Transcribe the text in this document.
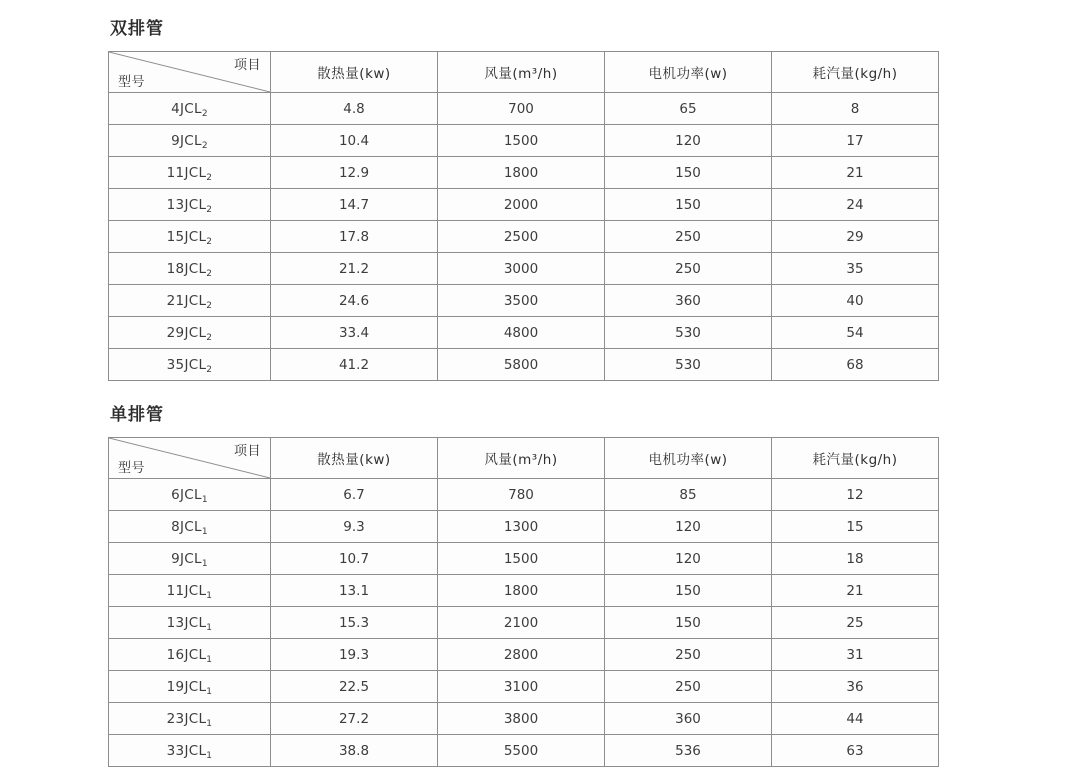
双排管
项目
型号	散热量(kw)	风量(m³/h)	电机功率(w)	耗汽量(kg/h)
$4JCL_2$	4.8	700	65	8
$9JCL_2$	10.4	1500	120	17
$11JCL_2$	12.9	1800	150	21
$13JCL_2$	14.7	2000	150	24
$15JCL_2$	17.8	2500	250	29
$18JCL_2$	21.2	3000	250	35
$21JCL_2$	24.6	3500	360	40
$29JCL_2$	33.4	4800	530	54
$35JCL_2$	41.2	5800	530	68
单排管
项目
型号	散热量(kw)	风量(m³/h)	电机功率(w)	耗汽量(kg/h)
$6JCL_1$	6.7	780	85	12
$8JCL_1$	9.3	1300	120	15
$9JCL_1$	10.7	1500	120	18
$11JCL_1$	13.1	1800	150	21
$13JCL_1$	15.3	2100	150	25
$16JCL_1$	19.3	2800	250	31
$19JCL_1$	22.5	3100	250	36
$23JCL_1$	27.2	3800	360	44
$33JCL_1$	38.8	5500	536	63
